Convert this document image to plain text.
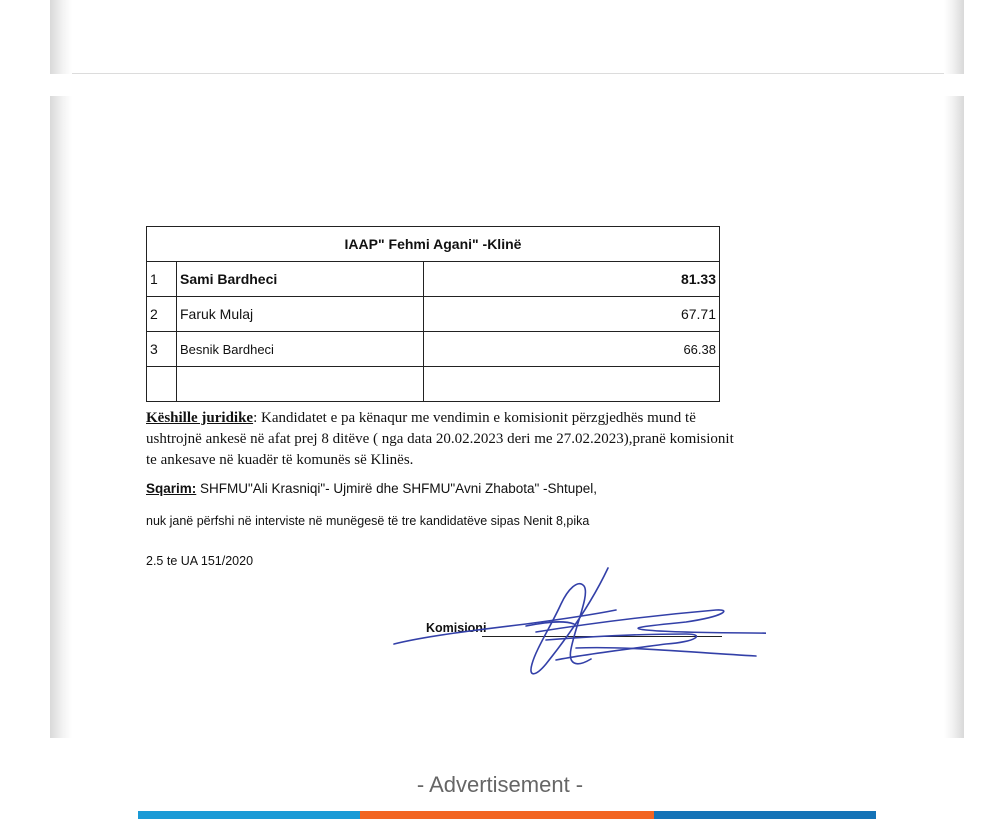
IAAP" Fehmi Agani" -Klinë		
1	Sami Bardheci	81.33
2	Faruk Mulaj	67.71
3	Besnik Bardheci	66.38

Këshille juridike: Kandidatet e pa kënaqur me vendimin e komisionit përzgjedhës mund të ushtrojnë ankesë në afat prej 8 ditëve ( nga data 20.02.2023 deri me 27.02.2023),pranë komisionit te ankesave në kuadër të komunës së Klinës.
Sqarim: SHFMU"Ali Krasniqi"- Ujmirë dhe SHFMU"Avni Zhabota" -Shtupel,
nuk janë përfshi në interviste në munëgesë të tre kandidatëve sipas Nenit 8,pika
2.5 te UA 151/2020
Komisioni
- Advertisement -
